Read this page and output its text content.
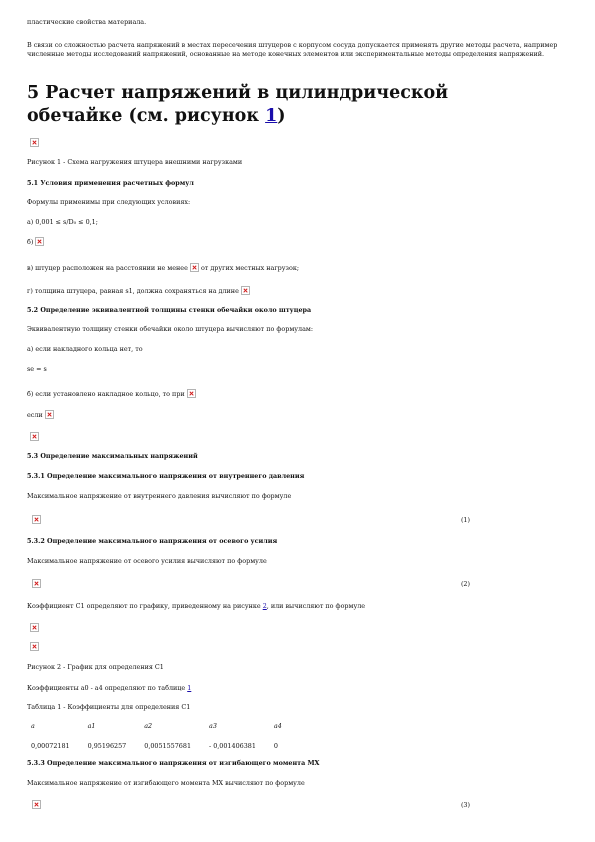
пластические свойства материала.
В связи со сложностью расчета напряжений в местах пересечения штуцеров с корпусом сосуда допускается применять другие методы расчета, например численные методы исследований напряжений, основанные на методе конечных элементов или экспериментальные методы определения напряжений.
5 Расчет напряжений в цилиндрической обечайке (см. рисунок 1)
Рисунок 1 - Схема нагружения штуцера внешними нагрузками
5.1 Условия применения расчетных формул
Формулы применимы при следующих условиях:
а) 0,001 ≤ s/D₀ ≤ 0,1;
б)
в) штуцер расположен на расстоянии не менее от других местных нагрузок;
г) толщина штуцера, равная s1, должна сохраняться на длине
5.2 Определение эквивалентной толщины стенки обечайки около штуцера
Эквивалентную толщину стенки обечайки около штуцера вычисляют по формулам:
а) если накладного кольца нет, то
se = s
б) если установлено накладное кольцо, то при
если
5.3 Определение максимальных напряжений
5.3.1 Определение максимального напряжения от внутреннего давления
Максимальное напряжение от внутреннего давления вычисляют по формуле
(1)
5.3.2 Определение максимального напряжения от осевого усилия
Максимальное напряжение от осевого усилия вычисляют по формуле
(2)
Коэффициент C1 определяют по графику, приведенному на рисунке 2, или вычисляют по формуле
Рисунок 2 - График для определения C1
Коэффициенты a0 - a4 определяют по таблице 1
Таблица 1 - Коэффициенты для определения C1
a	a1	a2	a3	a4

0,00072181	0,95196257	0,0051557681	- 0,001406381	0
5.3.3 Определение максимального напряжения от изгибающего момента MX
Максимальное напряжение от изгибающего момента MX вычисляют по формуле
(3)
